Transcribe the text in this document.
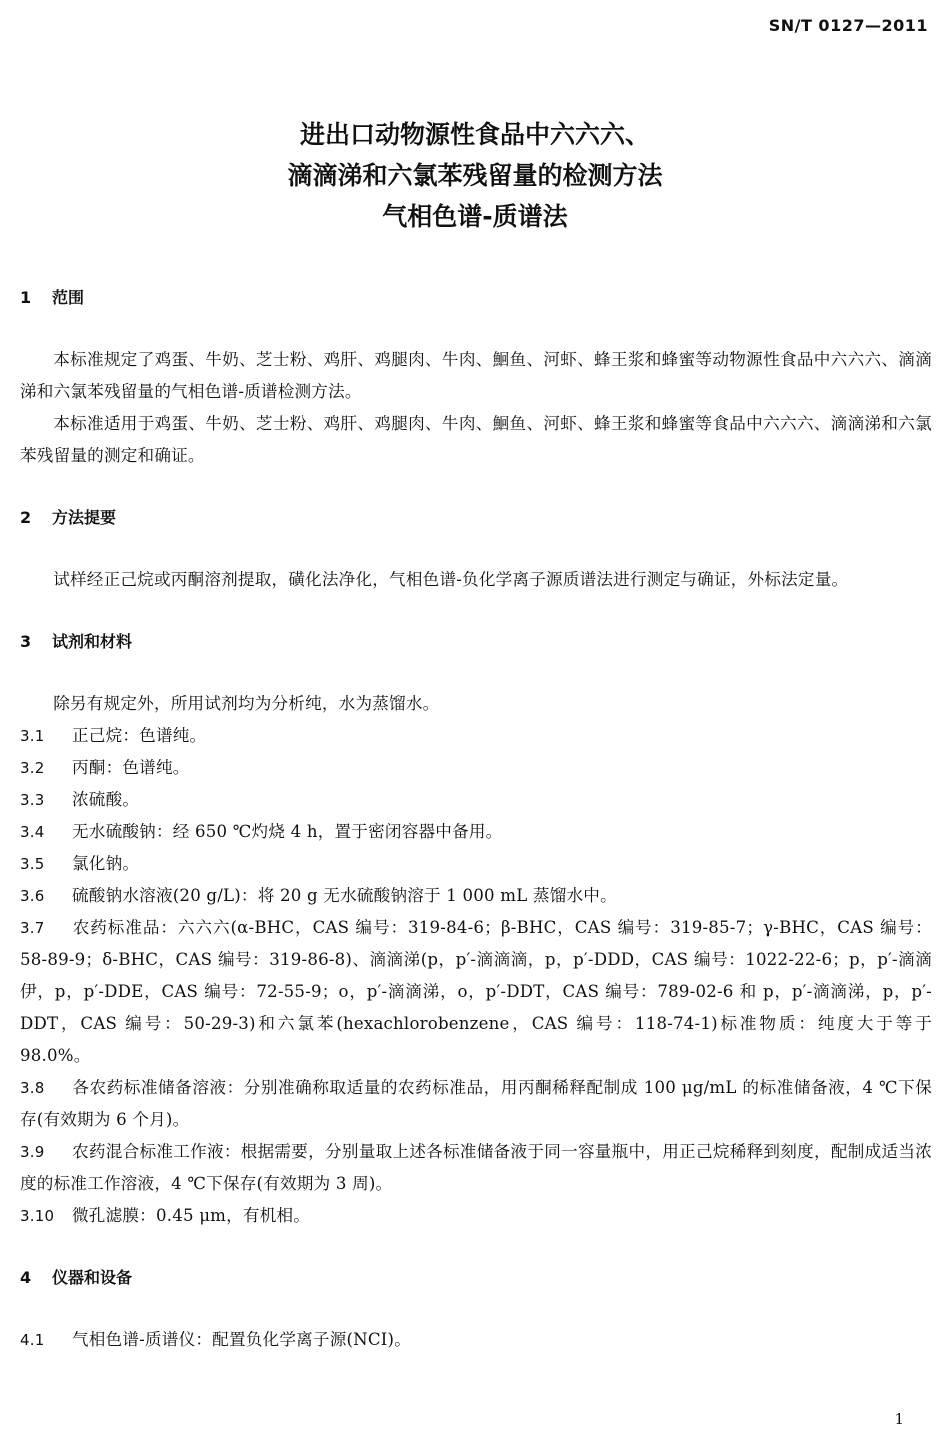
SN/T 0127—2011
进出口动物源性食品中六六六、
滴滴涕和六氯苯残留量的检测方法
气相色谱-质谱法
1 范围
本标准规定了鸡蛋、牛奶、芝士粉、鸡肝、鸡腿肉、牛肉、鮰鱼、河虾、蜂王浆和蜂蜜等动物源性食品中六六六、滴滴涕和六氯苯残留量的气相色谱-质谱检测方法。
本标准适用于鸡蛋、牛奶、芝士粉、鸡肝、鸡腿肉、牛肉、鮰鱼、河虾、蜂王浆和蜂蜜等食品中六六六、滴滴涕和六氯苯残留量的测定和确证。
2 方法提要
试样经正己烷或丙酮溶剂提取，磺化法净化，气相色谱-负化学离子源质谱法进行测定与确证，外标法定量。
3 试剂和材料
除另有规定外，所用试剂均为分析纯，水为蒸馏水。
3.1 正己烷：色谱纯。
3.2 丙酮：色谱纯。
3.3 浓硫酸。
3.4 无水硫酸钠：经 650 ℃灼烧 4 h，置于密闭容器中备用。
3.5 氯化钠。
3.6 硫酸钠水溶液(20 g/L)：将 20 g 无水硫酸钠溶于 1 000 mL 蒸馏水中。
3.7 农药标准品：六六六(α-BHC，CAS 编号：319-84-6；β-BHC，CAS 编号：319-85-7；γ-BHC，CAS 编号：58-89-9；δ-BHC，CAS 编号：319-86-8)、滴滴涕(p，p′-滴滴滴，p，p′-DDD，CAS 编号：1022-22-6；p，p′-滴滴伊，p，p′-DDE，CAS 编号：72-55-9；o，p′-滴滴涕，o，p′-DDT，CAS 编号：789-02-6 和 p，p′-滴滴涕，p，p′-DDT，CAS 编号：50-29-3)和六氯苯(hexachlorobenzene，CAS 编号：118-74-1)标准物质：纯度大于等于 98.0%。
3.8 各农药标准储备溶液：分别准确称取适量的农药标准品，用丙酮稀释配制成 100 μg/mL 的标准储备液，4 ℃下保存(有效期为 6 个月)。
3.9 农药混合标准工作液：根据需要，分别量取上述各标准储备液于同一容量瓶中，用正己烷稀释到刻度，配制成适当浓度的标准工作溶液，4 ℃下保存(有效期为 3 周)。
3.10 微孔滤膜：0.45 μm，有机相。
4 仪器和设备
4.1 气相色谱-质谱仪：配置负化学离子源(NCI)。
1
